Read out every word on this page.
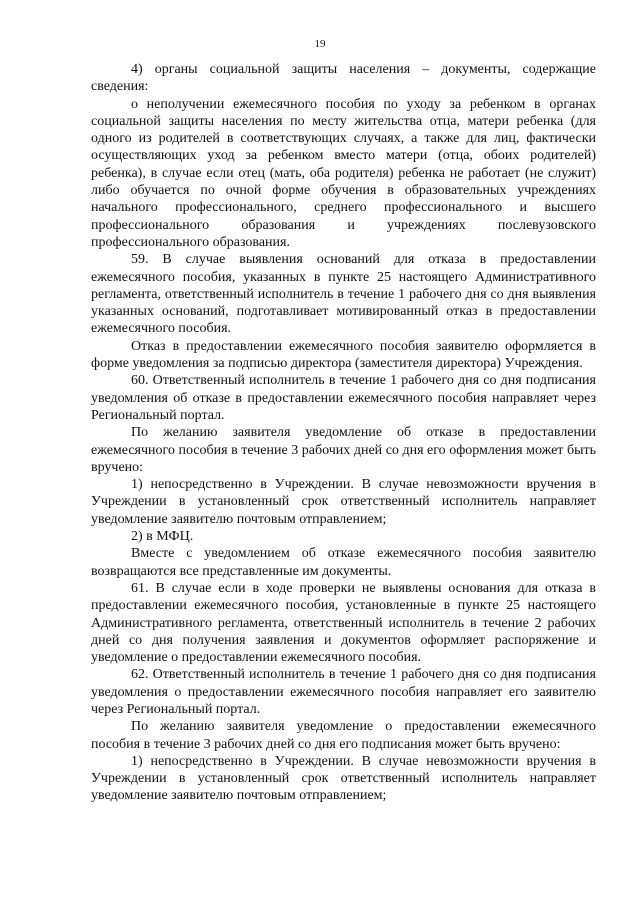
19

4) органы социальной защиты населения – документы, содержащие сведения:

о неполучении ежемесячного пособия по уходу за ребенком в органах социальной защиты населения по месту жительства отца, матери ребенка (для одного из родителей в соответствующих случаях, а также для лиц, фактически осуществляющих уход за ребенком вместо матери (отца, обоих родителей) ребенка), в случае если отец (мать, оба родителя) ребенка не работает (не служит) либо обучается по очной форме обучения в образовательных учреждениях начального профессионального, среднего профессионального и высшего профессионального образования и учреждениях послевузовского профессионального образования.

59. В случае выявления оснований для отказа в предоставлении ежемесячного пособия, указанных в пункте 25 настоящего Административного регламента, ответственный исполнитель в течение 1 рабочего дня со дня выявления указанных оснований, подготавливает мотивированный отказ в предоставлении ежемесячного пособия.

Отказ в предоставлении ежемесячного пособия заявителю оформляется в форме уведомления за подписью директора (заместителя директора) Учреждения.

60. Ответственный исполнитель в течение 1 рабочего дня со дня подписания уведомления об отказе в предоставлении ежемесячного пособия направляет через Региональный портал.

По желанию заявителя уведомление об отказе в предоставлении ежемесячного пособия в течение 3 рабочих дней со дня его оформления может быть вручено:

1) непосредственно в Учреждении. В случае невозможности вручения в Учреждении в установленный срок ответственный исполнитель направляет уведомление заявителю почтовым отправлением;

2) в МФЦ.

Вместе с уведомлением об отказе ежемесячного пособия заявителю возвращаются все представленные им документы.

61. В случае если в ходе проверки не выявлены основания для отказа в предоставлении ежемесячного пособия, установленные в пункте 25 настоящего Административного регламента, ответственный исполнитель в течение 2 рабочих дней со дня получения заявления и документов оформляет распоряжение и уведомление о предоставлении ежемесячного пособия.

62. Ответственный исполнитель в течение 1 рабочего дня со дня подписания уведомления о предоставлении ежемесячного пособия направляет его заявителю через Региональный портал.

По желанию заявителя уведомление о предоставлении ежемесячного пособия в течение 3 рабочих дней со дня его подписания может быть вручено:

1) непосредственно в Учреждении. В случае невозможности вручения в Учреждении в установленный срок ответственный исполнитель направляет уведомление заявителю почтовым отправлением;
